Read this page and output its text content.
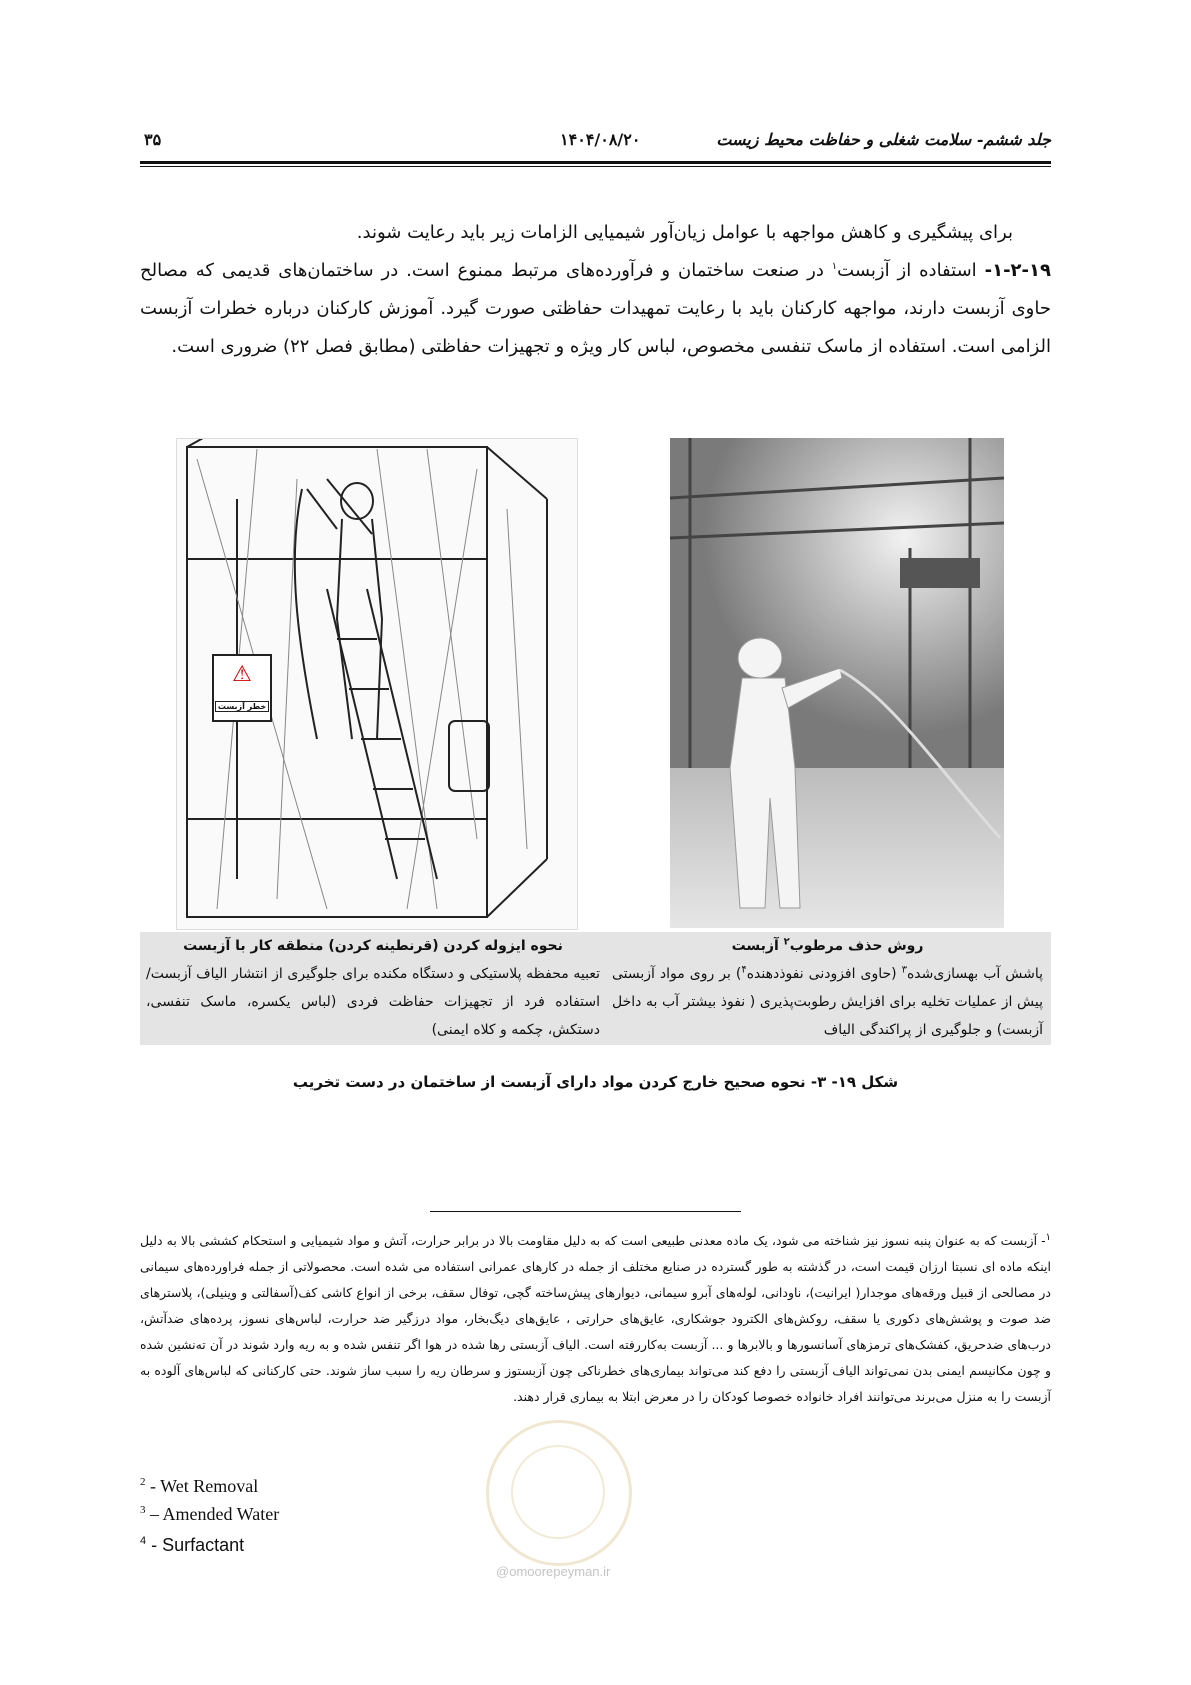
جلد ششم- سلامت شغلی و حفاظت محیط زیست
۱۴۰۴/۰۸/۲۰
۳۵

برای پیشگیری و کاهش مواجهه با عوامل زیان‌آور شیمیایی الزامات زیر باید رعایت شوند.

۱-۲-۱۹- استفاده از آزبست$^۱$ در صنعت ساختمان و فرآورده‌های مرتبط ممنوع است. در ساختمان‌های قدیمی که مصالح حاوی آزبست دارند، مواجهه کارکنان باید با رعایت تمهیدات حفاظتی صورت گیرد. آموزش کارکنان درباره خطرات آزبست الزامی است. استفاده از ماسک تنفسی مخصوص، لباس کار ویژه و تجهیزات حفاظتی (مطابق فصل ۲۲) ضروری است.

⚠
خطر آزبست
نحوه ایزوله کردن (قرنطینه کردن) منطقه کار با آزبست
تعبیه محفظه پلاستیکی و دستگاه مکنده برای جلوگیری از انتشار الیاف آزبست/ استفاده فرد از تجهیزات حفاظت فردی (لباس یکسره، ماسک تنفسی، دستکش، چکمه و کلاه ایمنی)
روش حذف مرطوب$^۲$ آزبست
پاشش آب بهسازی‌شده$^۳$ (حاوی افزودنی نفوذدهنده$^۴$) بر روی مواد آزبستی پیش از عملیات تخلیه برای افزایش رطوبت‌پذیری ( نفوذ بیشتر آب به داخل آزبست) و جلوگیری از پراکندگی الیاف
شکل ۱۹- ۳- نحوه صحیح خارج کردن مواد دارای آزبست از ساختمان در دست تخریب
$^۱$- آزبست که به عنوان پنبه نسوز نیز شناخته می شود، یک ماده معدنی طبیعی است که به دلیل مقاومت بالا در برابر حرارت، آتش و مواد شیمیایی و استحکام کششی بالا به دلیل اینکه ماده ای نسبتا ارزان قیمت است، در گذشته به طور گسترده در صنایع مختلف از جمله در کارهای عمرانی استفاده می شده است. محصولاتی از جمله فراورده‌های سیمانی در مصالحی از قبیل ورقه‌های موجدار( ایرانیت)، ناودانی، لوله‌های آبرو سیمانی، دیوارهای پیش‌ساخته گچی، توفال سقف، برخی از انواع کاشی کف(آسفالتی و وینیلی)، پلاسترهای ضد صوت و پوشش‌های دکوری یا سقف، روکش‌های الکترود جوشکاری، عایق‌های حرارتی ، عایق‌های دیگ‌بخار، مواد درزگیر ضد حرارت، لباس‌های نسوز، پرده‌های ضدآتش، درب‌های ضدحریق، کفشک‌های ترمزهای آسانسورها و بالابرها و ... آزبست به‌کاررفته است. الیاف آزبستی رها شده در هوا اگر تنفس شده و به ریه وارد شوند در آن تەنشین شده و چون مکانیسم ایمنی بدن نمی‌تواند الیاف آزبستی را دفع کند می‌تواند بیماری‌های خطرناکی چون آزبستوز و سرطان ریه را سبب ساز شوند. حتی کارکنانی که لباس‌های آلوده به آزبست را به منزل می‌برند می‌توانند افراد خانواده خصوصا کودکان را در معرض ابتلا به بیماری قرار دهند.
$^2$ - Wet Removal
$^3$ – Amended Water
$^4$ - Surfactant
@omoorepeyman.ir
